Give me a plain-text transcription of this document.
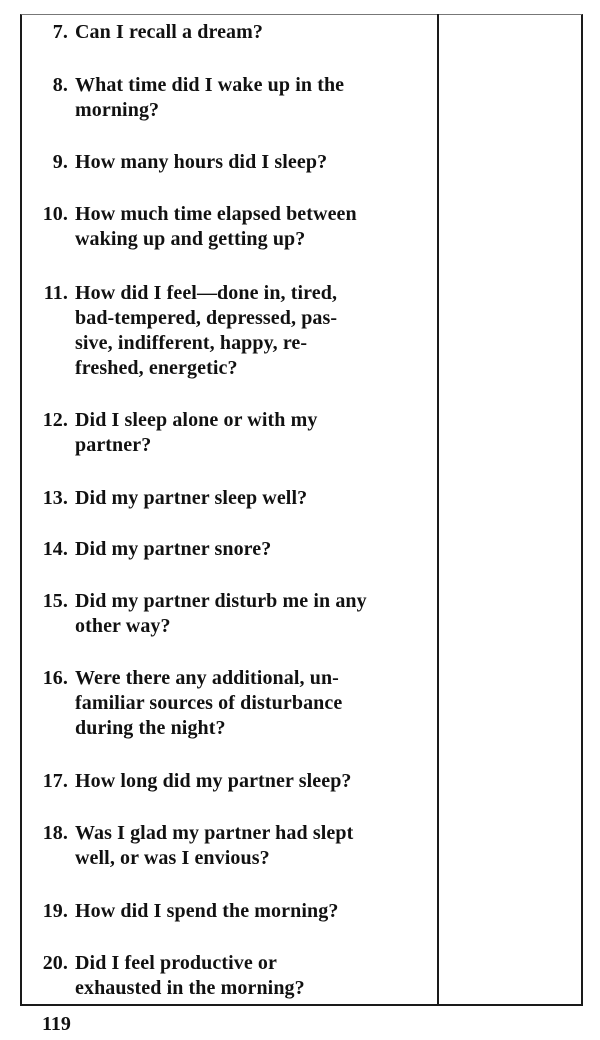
7. Can I recall a dream?
8. What time did I wake up in the
morning?
9. How many hours did I sleep?
10. How much time elapsed between
waking up and getting up?
11. How did I feel—done in, tired,
bad-tempered, depressed, pas-
sive, indifferent, happy, re-
freshed, energetic?
12. Did I sleep alone or with my
partner?
13. Did my partner sleep well?
14. Did my partner snore?
15. Did my partner disturb me in any
other way?
16. Were there any additional, un-
familiar sources of disturbance
during the night?
17. How long did my partner sleep?
18. Was I glad my partner had slept
well, or was I envious?
19. How did I spend the morning?
20. Did I feel productive or
exhausted in the morning?
119
